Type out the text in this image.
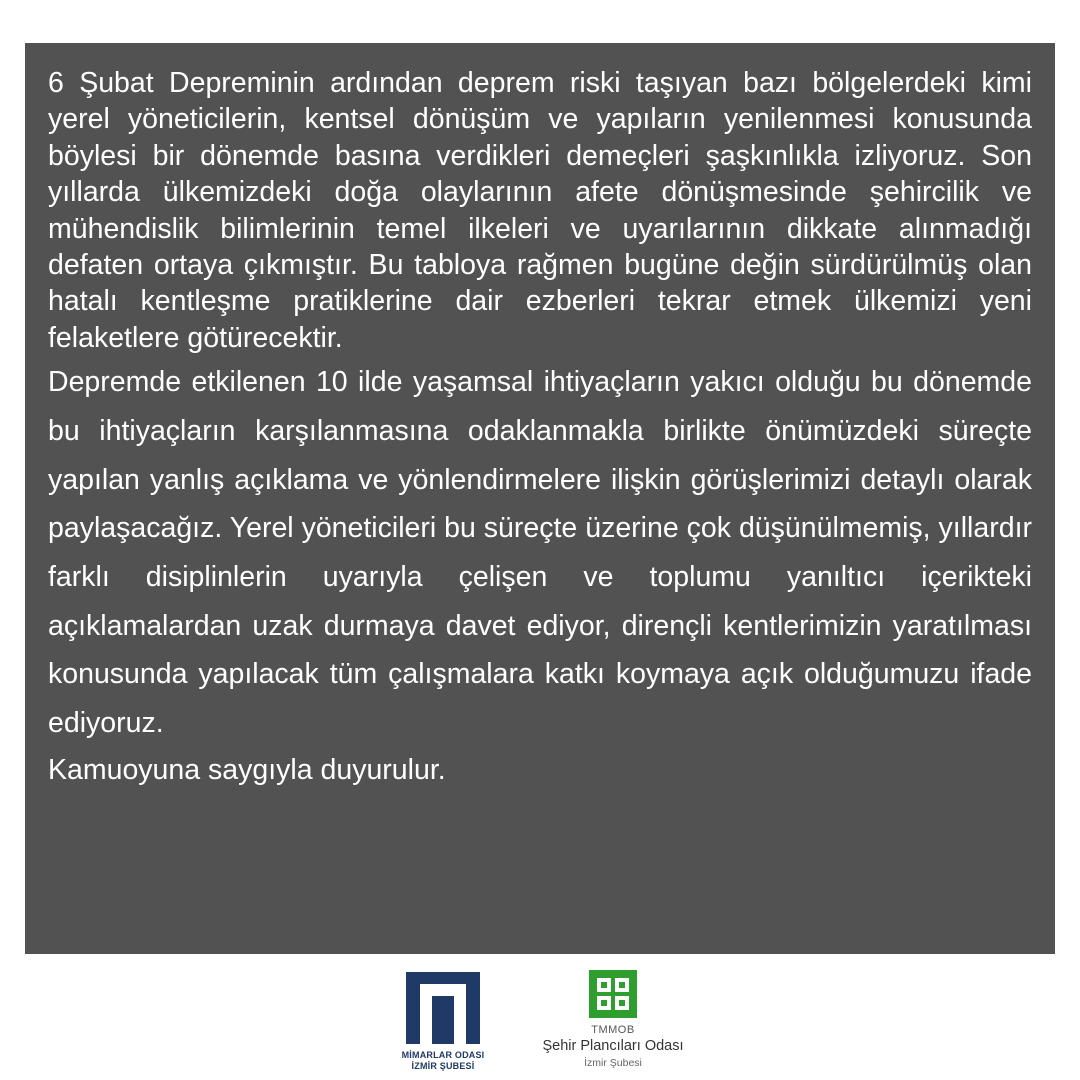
6 Şubat Depreminin ardından deprem riski taşıyan bazı bölgelerdeki kimi yerel yöneticilerin, kentsel dönüşüm ve yapıların yenilenmesi konusunda böylesi bir dönemde basına verdikleri demeçleri şaşkınlıkla izliyoruz. Son yıllarda ülkemizdeki doğa olaylarının afete dönüşmesinde şehircilik ve mühendislik bilimlerinin temel ilkeleri ve uyarılarının dikkate alınmadığı defaten ortaya çıkmıştır. Bu tabloya rağmen bugüne değin sürdürülmüş olan hatalı kentleşme pratiklerine dair ezberleri tekrar etmek ülkemizi yeni felaketlere götürecektir.

Depremde etkilenen 10 ilde yaşamsal ihtiyaçların yakıcı olduğu bu dönemde bu ihtiyaçların karşılanmasına odaklanmakla birlikte önümüzdeki süreçte yapılan yanlış açıklama ve yönlendirmelere ilişkin görüşlerimizi detaylı olarak paylaşacağız. Yerel yöneticileri bu süreçte üzerine çok düşünülmemiş, yıllardır farklı disiplinlerin uyarıyla çelişen ve toplumu yanıltıcı içerikteki açıklamalardan uzak durmaya davet ediyor, dirençli kentlerimizin yaratılması konusunda yapılacak tüm çalışmalara katkı koymaya açık olduğumuzu ifade ediyoruz.

Kamuoyuna saygıyla duyurulur.

MİMARLAR ODASI
İZMİR ŞUBESİ
TMMOB
Şehir Plancıları Odası
İzmir Şubesi
